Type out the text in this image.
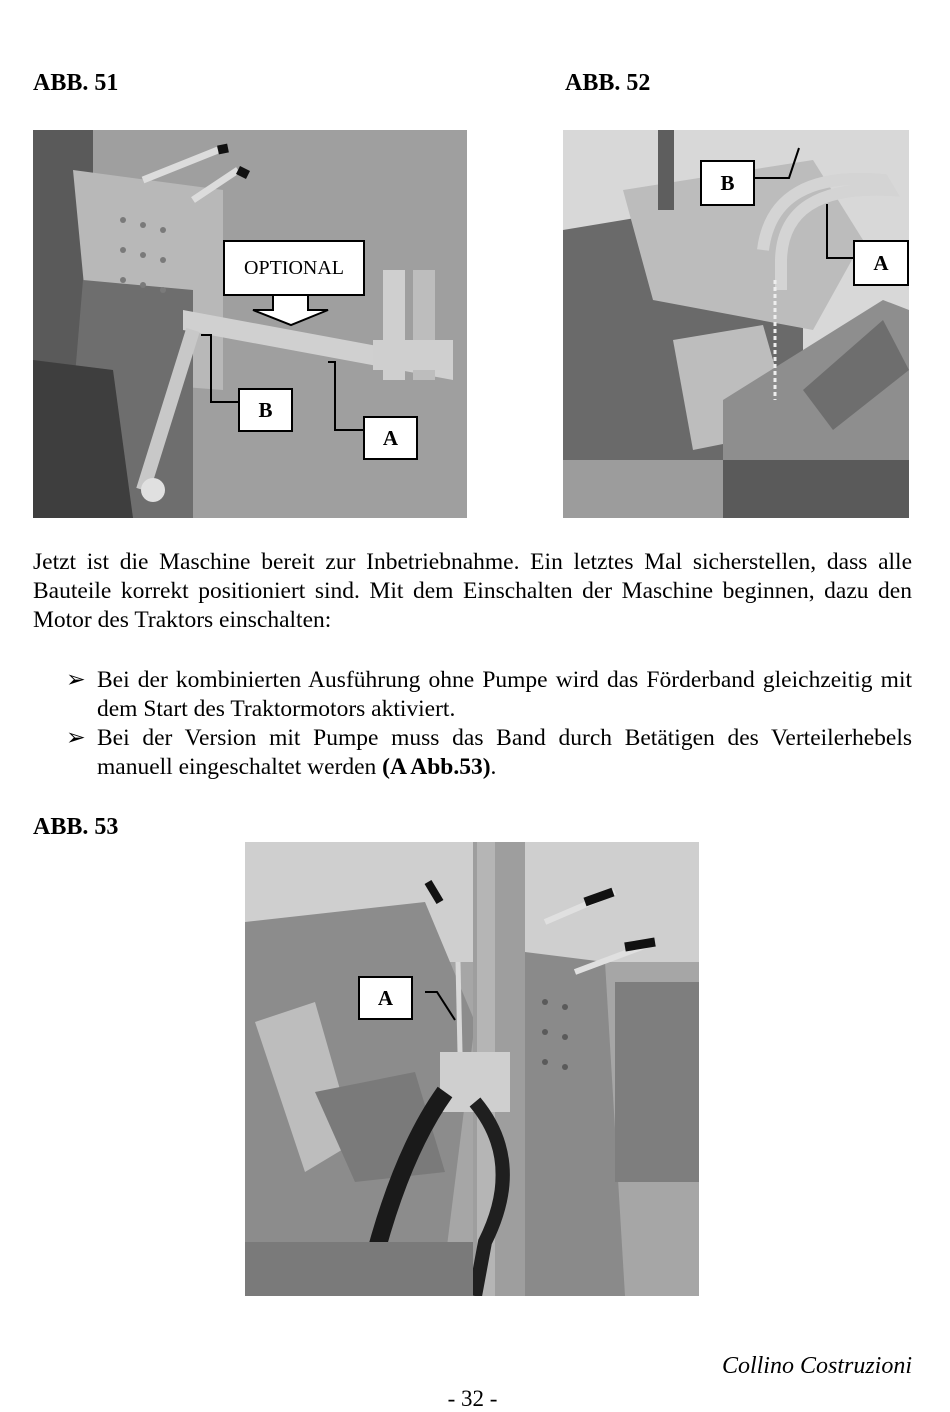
ABB. 51
OPTIONAL
B
A
ABB. 52
B
A
Jetzt ist die Maschine bereit zur Inbetriebnahme. Ein letztes Mal sicherstellen, dass alle Bauteile korrekt positioniert sind. Mit dem Einschalten der Maschine beginnen, dazu den Motor des Traktors einschalten:
➢ Bei der kombinierten Ausführung ohne Pumpe wird das Förderband gleichzeitig mit dem Start des Traktormotors aktiviert.
➢ Bei der Version mit Pumpe muss das Band durch Betätigen des Verteilerhebels manuell eingeschaltet werden (A Abb.53).
ABB. 53
A
Collino Costruzioni
- 32 -
